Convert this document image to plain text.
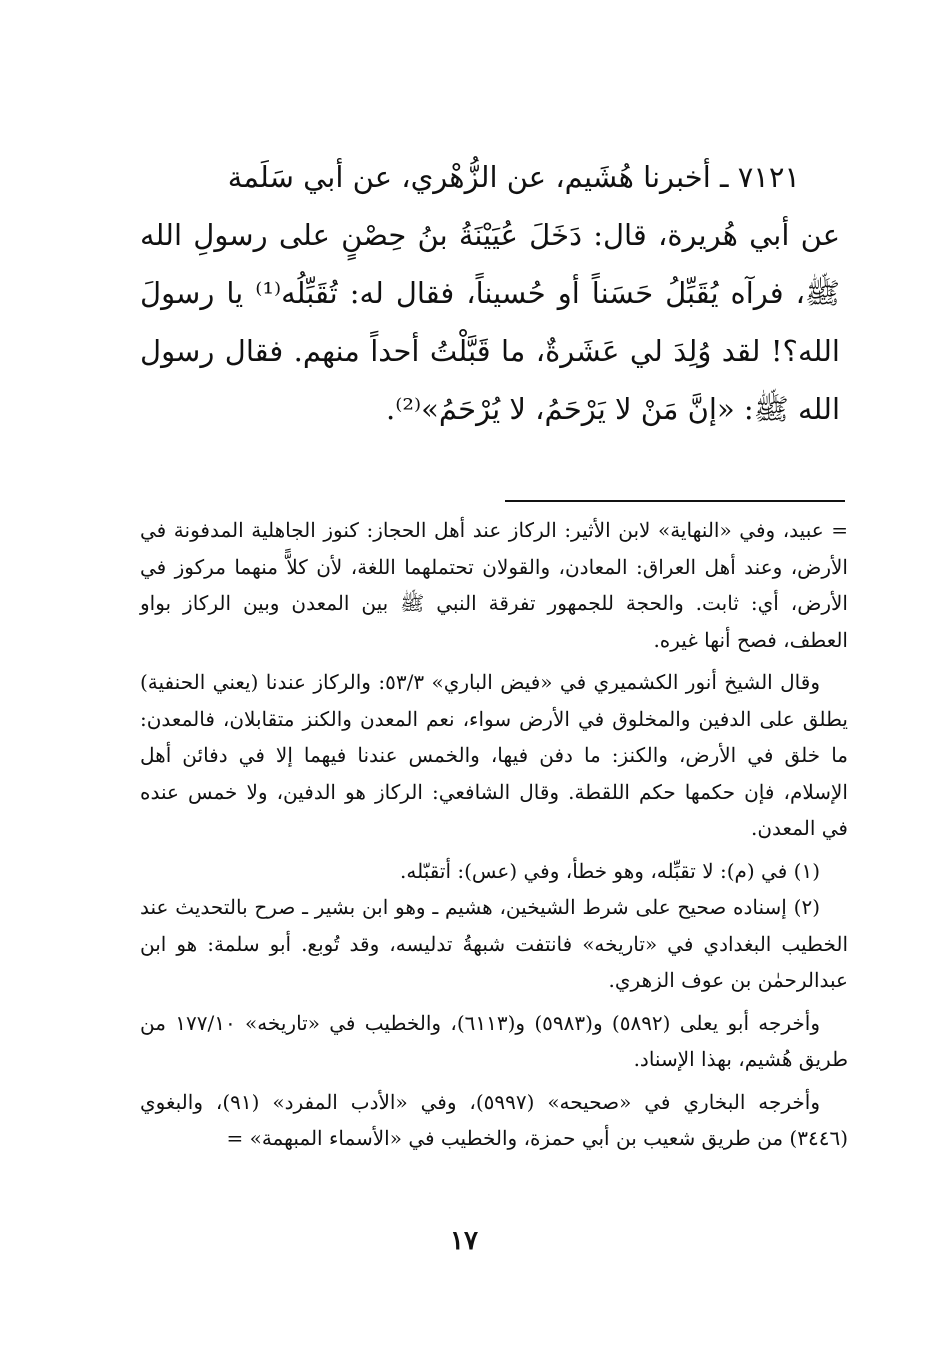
٧١٢١ ـ أخبرنا هُشَيم، عن الزُّهْري، عن أبي سَلَمة

عن أبي هُريرة، قال: دَخَلَ عُيَيْنَةُ بنُ حِصْنٍ على رسولِ الله ﷺ، فرآه يُقَبِّلُ حَسَناً أو حُسيناً، فقال له: تُقَبِّلُه⁽¹⁾ يا رسولَ الله؟! لقد وُلِدَ لي عَشَرةٌ، ما قَبَّلْتُ أحداً منهم. فقال رسول الله ﷺ: «إنَّ مَنْ لا يَرْحَمُ، لا يُرْحَمُ»⁽²⁾.

= عبيد، وفي «النهاية» لابن الأثير: الركاز عند أهل الحجاز: كنوز الجاهلية المدفونة في الأرض، وعند أهل العراق: المعادن، والقولان تحتملهما اللغة، لأن كلاًّ منهما مركوز في الأرض، أي: ثابت. والحجة للجمهور تفرقة النبي ﷺ بين المعدن وبين الركاز بواو العطف، فصح أنها غيره.

وقال الشيخ أنور الكشميري في «فيض الباري» ٥٣/٣: والركاز عندنا (يعني الحنفية) يطلق على الدفين والمخلوق في الأرض سواء، نعم المعدن والكنز متقابلان، فالمعدن: ما خلق في الأرض، والكنز: ما دفن فيها، والخمس عندنا فيهما إلا في دفائن أهل الإسلام، فإن حكمها حكم اللقطة. وقال الشافعي: الركاز هو الدفين، ولا خمس عنده في المعدن.

(١) في (م): لا تقبِّله، وهو خطأ، وفي (عس): أتقبّله.

(٢) إسناده صحيح على شرط الشيخين، هشيم ـ وهو ابن بشير ـ صرح بالتحديث عند الخطيب البغدادي في «تاريخه» فانتفت شبهةُ تدليسه، وقد تُوبع. أبو سلمة: هو ابن عبدالرحمٰن بن عوف الزهري.

وأخرجه أبو يعلى (٥٨٩٢) و(٥٩٨٣) و(٦١١٣)، والخطيب في «تاريخه» ١٧٧/١٠ من طريق هُشيم، بهذا الإسناد.

وأخرجه البخاري في «صحيحه» (٥٩٩٧)، وفي «الأدب المفرد» (٩١)، والبغوي (٣٤٤٦) من طريق شعيب بن أبي حمزة، والخطيب في «الأسماء المبهمة» =

١٧
